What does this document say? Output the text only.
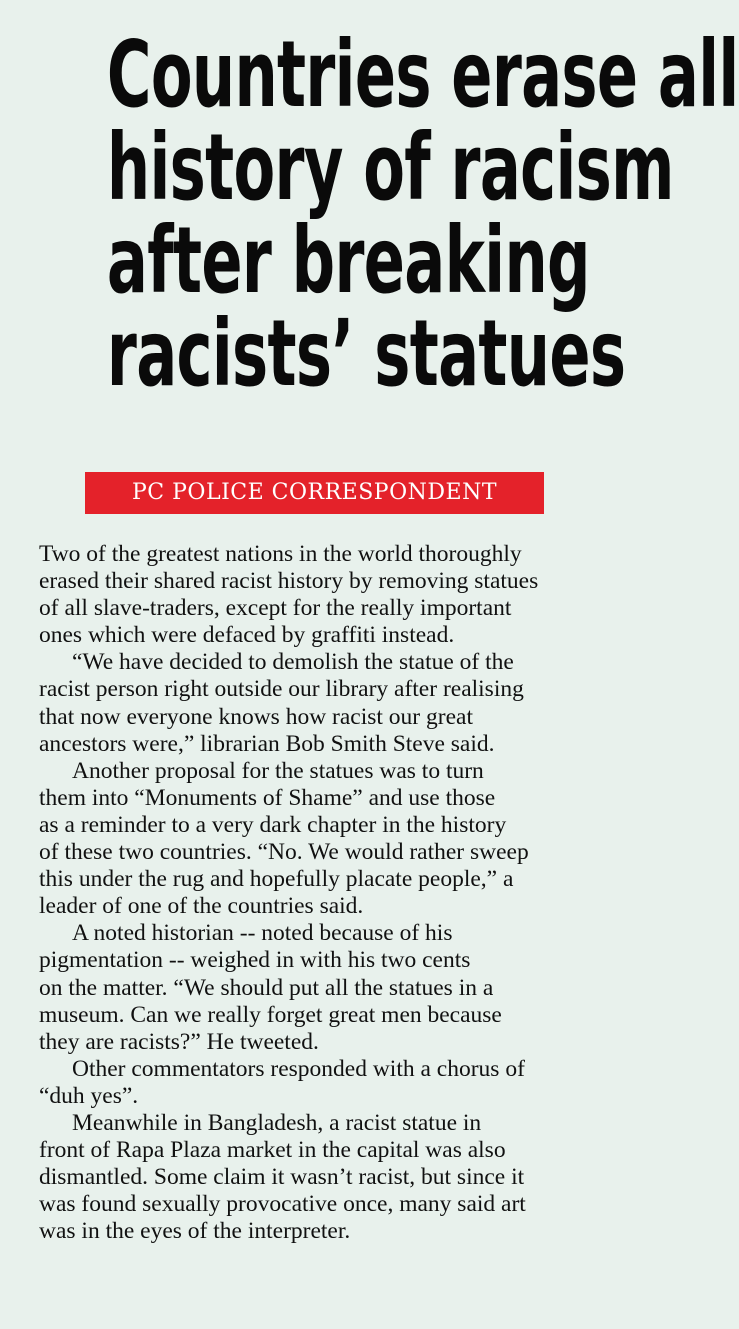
Countries erase all
history of racism
after breaking
racists’ statues
PC POLICE CORRESPONDENT
Two of the greatest nations in the world thoroughly
erased their shared racist history by removing statues
of all slave-traders, except for the really important
ones which were defaced by graffiti instead.
“We have decided to demolish the statue of the
racist person right outside our library after realising
that now everyone knows how racist our great
ancestors were,” librarian Bob Smith Steve said.
Another proposal for the statues was to turn
them into “Monuments of Shame” and use those
as a reminder to a very dark chapter in the history
of these two countries. “No. We would rather sweep
this under the rug and hopefully placate people,” a
leader of one of the countries said.
A noted historian -- noted because of his
pigmentation -- weighed in with his two cents
on the matter. “We should put all the statues in a
museum. Can we really forget great men because
they are racists?” He tweeted.
Other commentators responded with a chorus of
“duh yes”.
Meanwhile in Bangladesh, a racist statue in
front of Rapa Plaza market in the capital was also
dismantled. Some claim it wasn’t racist, but since it
was found sexually provocative once, many said art
was in the eyes of the interpreter.
